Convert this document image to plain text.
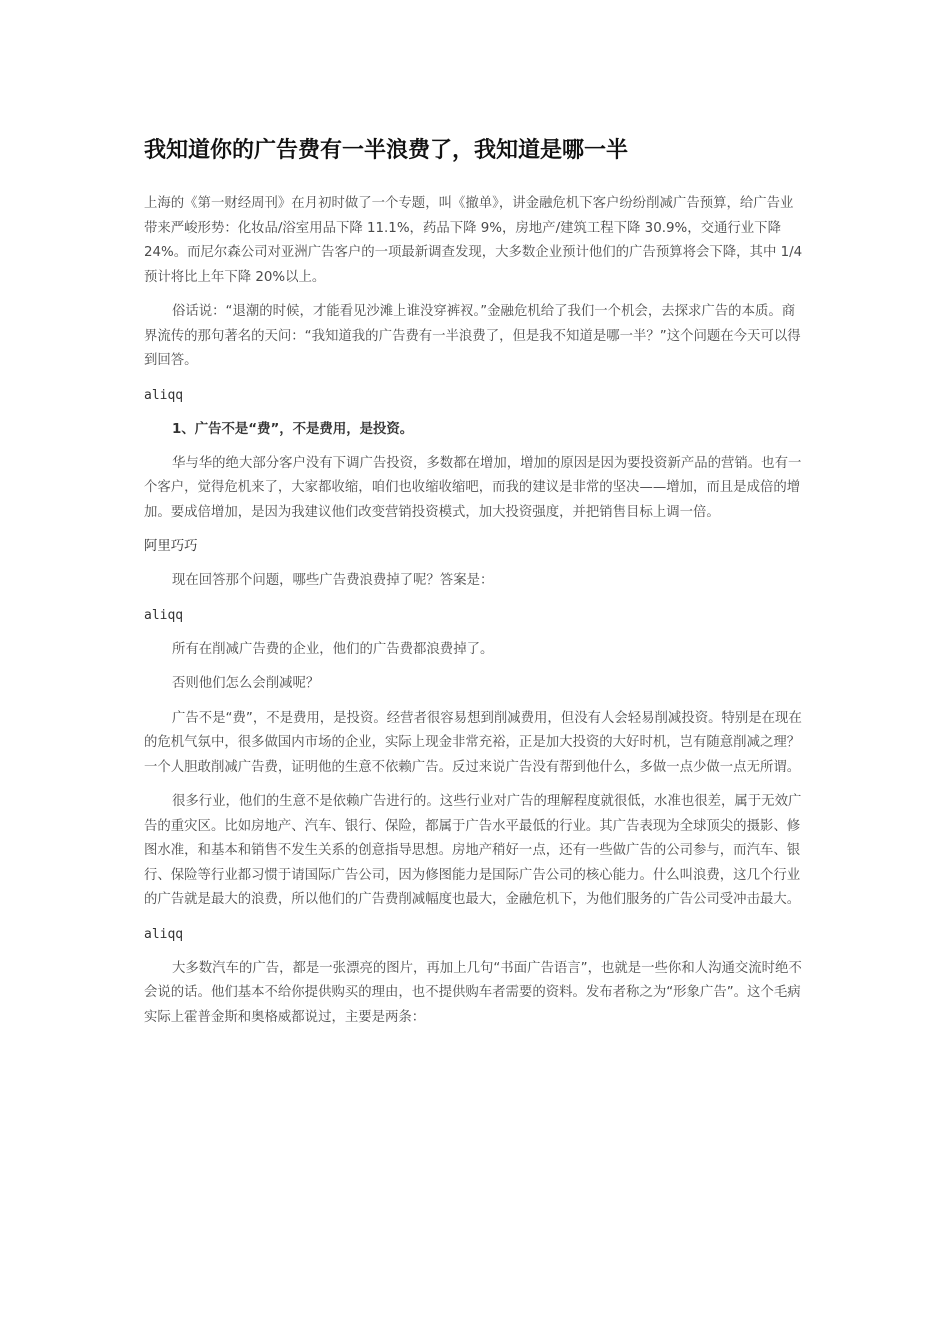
我知道你的广告费有一半浪费了，我知道是哪一半

上海的《第一财经周刊》在月初时做了一个专题，叫《撤单》，讲金融危机下客户纷纷削减广告预算，给广告业带来严峻形势：化妆品/浴室用品下降 11.1%，药品下降 9%，房地产/建筑工程下降 30.9%，交通行业下降 24%。而尼尔森公司对亚洲广告客户的一项最新调查发现，大多数企业预计他们的广告预算将会下降，其中 1/4 预计将比上年下降 20%以上。

俗话说：“退潮的时候，才能看见沙滩上谁没穿裤衩。”金融危机给了我们一个机会，去探求广告的本质。商界流传的那句著名的天问：“我知道我的广告费有一半浪费了，但是我不知道是哪一半？”这个问题在今天可以得到回答。

aliqq

1、广告不是“费”，不是费用，是投资。

华与华的绝大部分客户没有下调广告投资，多数都在增加，增加的原因是因为要投资新产品的营销。也有一个客户，觉得危机来了，大家都收缩，咱们也收缩收缩吧，而我的建议是非常的坚决——增加，而且是成倍的增加。要成倍增加，是因为我建议他们改变营销投资模式，加大投资强度，并把销售目标上调一倍。

阿里巧巧

现在回答那个问题，哪些广告费浪费掉了呢？答案是：

aliqq

所有在削减广告费的企业，他们的广告费都浪费掉了。

否则他们怎么会削减呢？

广告不是“费”，不是费用，是投资。经营者很容易想到削减费用，但没有人会轻易削减投资。特别是在现在的危机气氛中，很多做国内市场的企业，实际上现金非常充裕，正是加大投资的大好时机，岂有随意削减之理？一个人胆敢削减广告费，证明他的生意不依赖广告。反过来说广告没有帮到他什么，多做一点少做一点无所谓。

很多行业，他们的生意不是依赖广告进行的。这些行业对广告的理解程度就很低，水准也很差，属于无效广告的重灾区。比如房地产、汽车、银行、保险，都属于广告水平最低的行业。其广告表现为全球顶尖的摄影、修图水准，和基本和销售不发生关系的创意指导思想。房地产稍好一点，还有一些做广告的公司参与，而汽车、银行、保险等行业都习惯于请国际广告公司，因为修图能力是国际广告公司的核心能力。什么叫浪费，这几个行业的广告就是最大的浪费，所以他们的广告费削减幅度也最大，金融危机下，为他们服务的广告公司受冲击最大。

aliqq

大多数汽车的广告，都是一张漂亮的图片，再加上几句“书面广告语言”，也就是一些你和人沟通交流时绝不会说的话。他们基本不给你提供购买的理由，也不提供购车者需要的资料。发布者称之为“形象广告”。这个毛病实际上霍普金斯和奥格威都说过，主要是两条：
